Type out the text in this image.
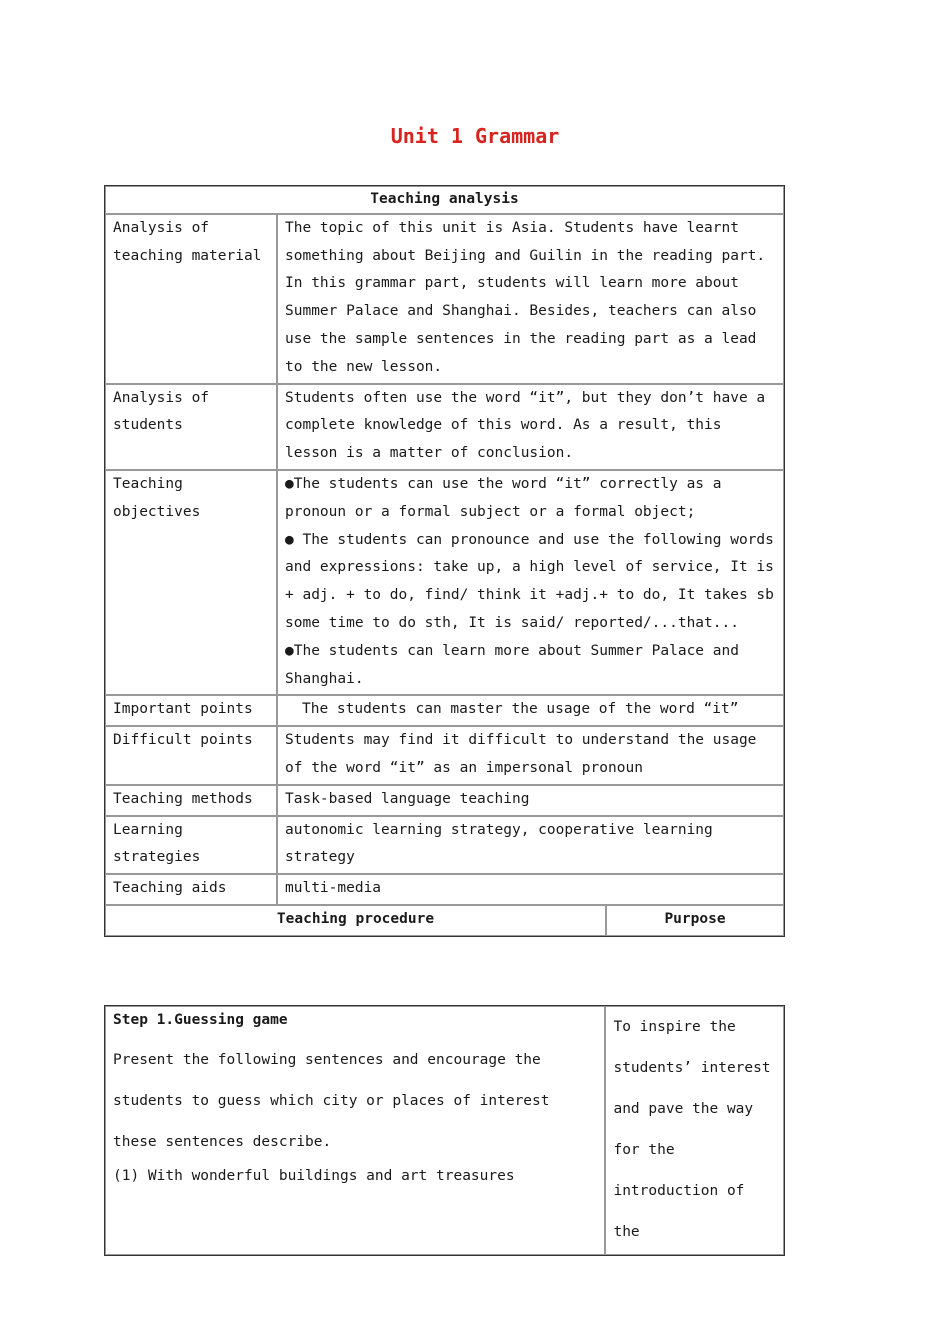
Unit 1 Grammar
Teaching analysis		
Analysis of teaching material	The topic of this unit is Asia. Students have learnt something about Beijing and Guilin in the reading part. In this grammar part, students will learn more about Summer Palace and Shanghai. Besides, teachers can also use the sample sentences in the reading part as a lead to the new lesson.	
Analysis of students	Students often use the word “it”, but they don’t have a complete knowledge of this word. As a result, this lesson is a matter of conclusion.	
Teaching objectives	●The students can use the word “it” correctly as a pronoun or a formal subject or a formal object;
● The students can pronounce and use the following words and expressions: take up, a high level of service, It is + adj. + to do, find/ think it +adj.+ to do, It takes sb some time to do sth, It is said/ reported/...that...
●The students can learn more about Summer Palace and Shanghai.	

Important points	The students can master the usage of the word “it”	
Difficult points	Students may find it difficult to understand the usage of the word “it” as an impersonal pronoun	
Teaching methods	Task-based language teaching	
Learning strategies	autonomic learning strategy, cooperative learning strategy	
Teaching aids	multi-media	
Teaching procedure		Purpose
Step 1.Guessing game
Present the following sentences and encourage the students to guess which city or places of interest these sentences describe.
(1) With wonderful buildings and art treasures
	To inspire the students’ interest and pave the way for the introduction of the
